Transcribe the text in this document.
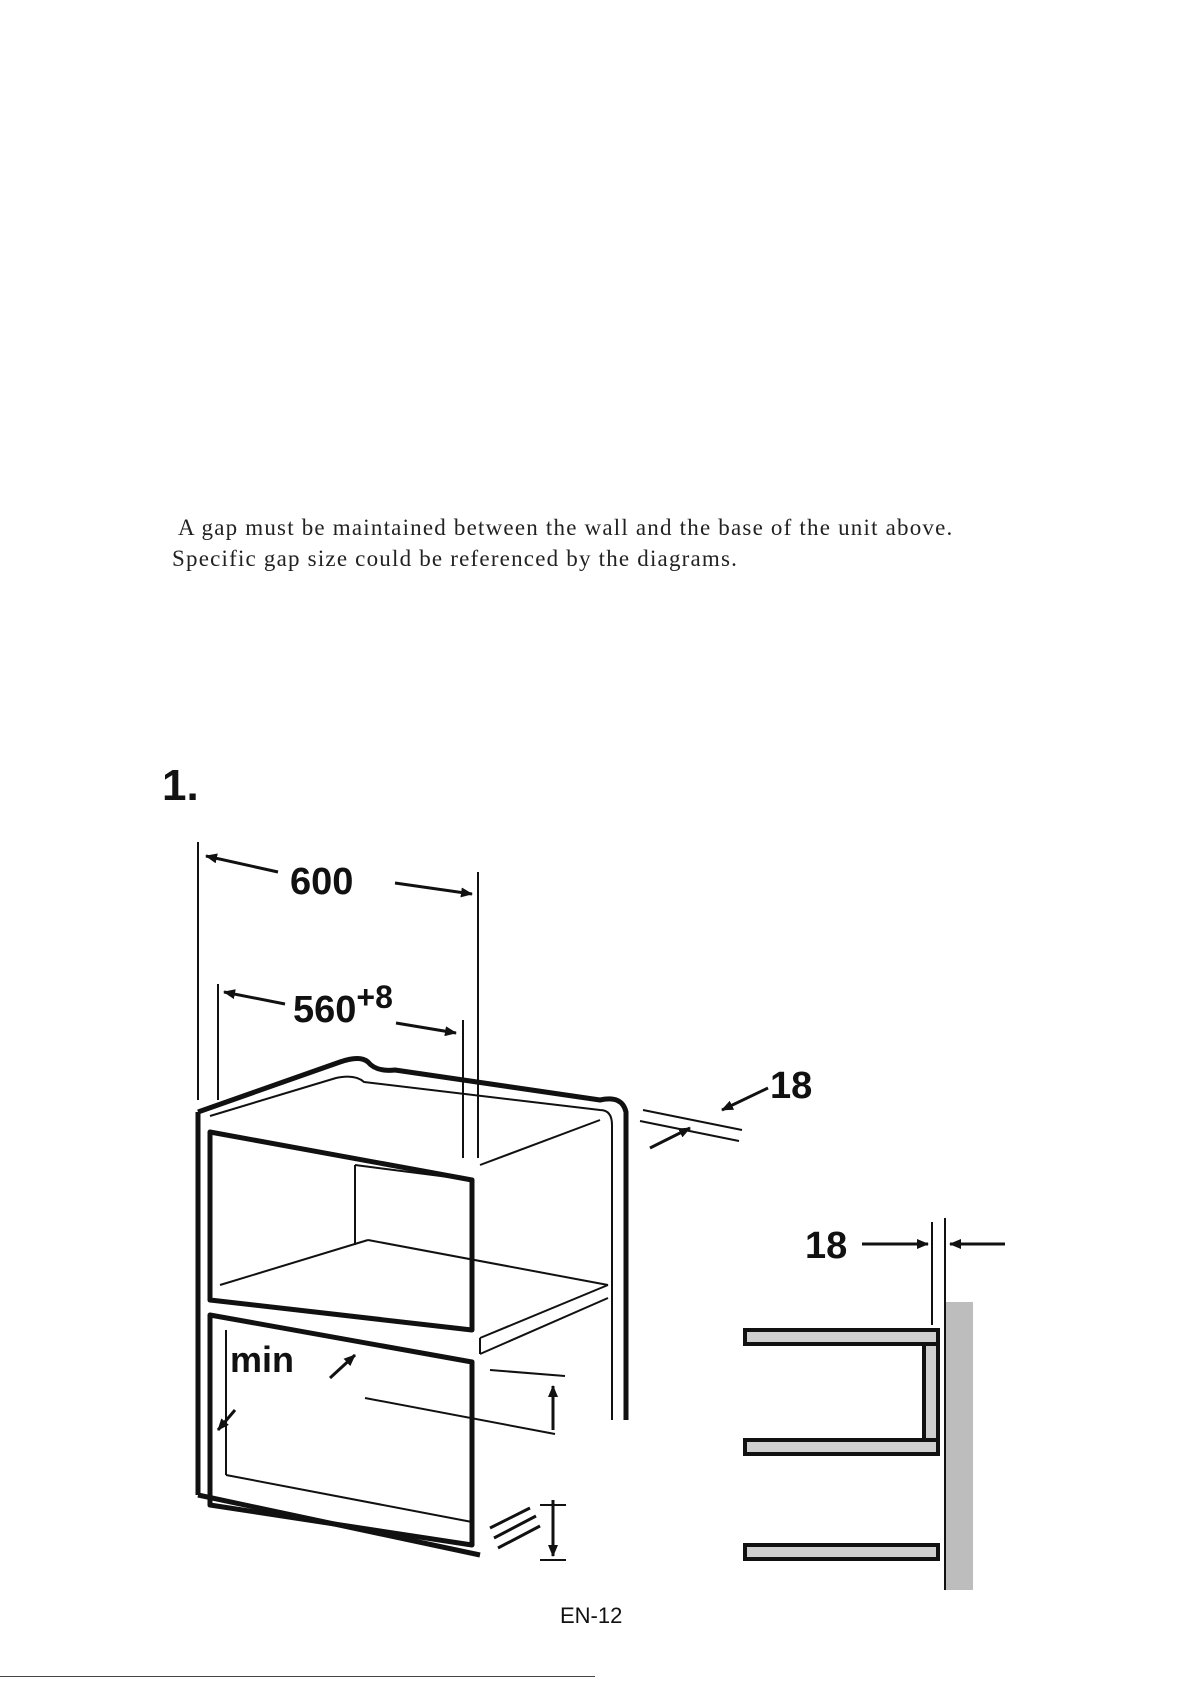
A gap must be maintained between the wall and the base of the unit above.

Specific gap size could be referenced by the diagrams.

1.
600
$560^{+8}$
18
min
18
EN-12
